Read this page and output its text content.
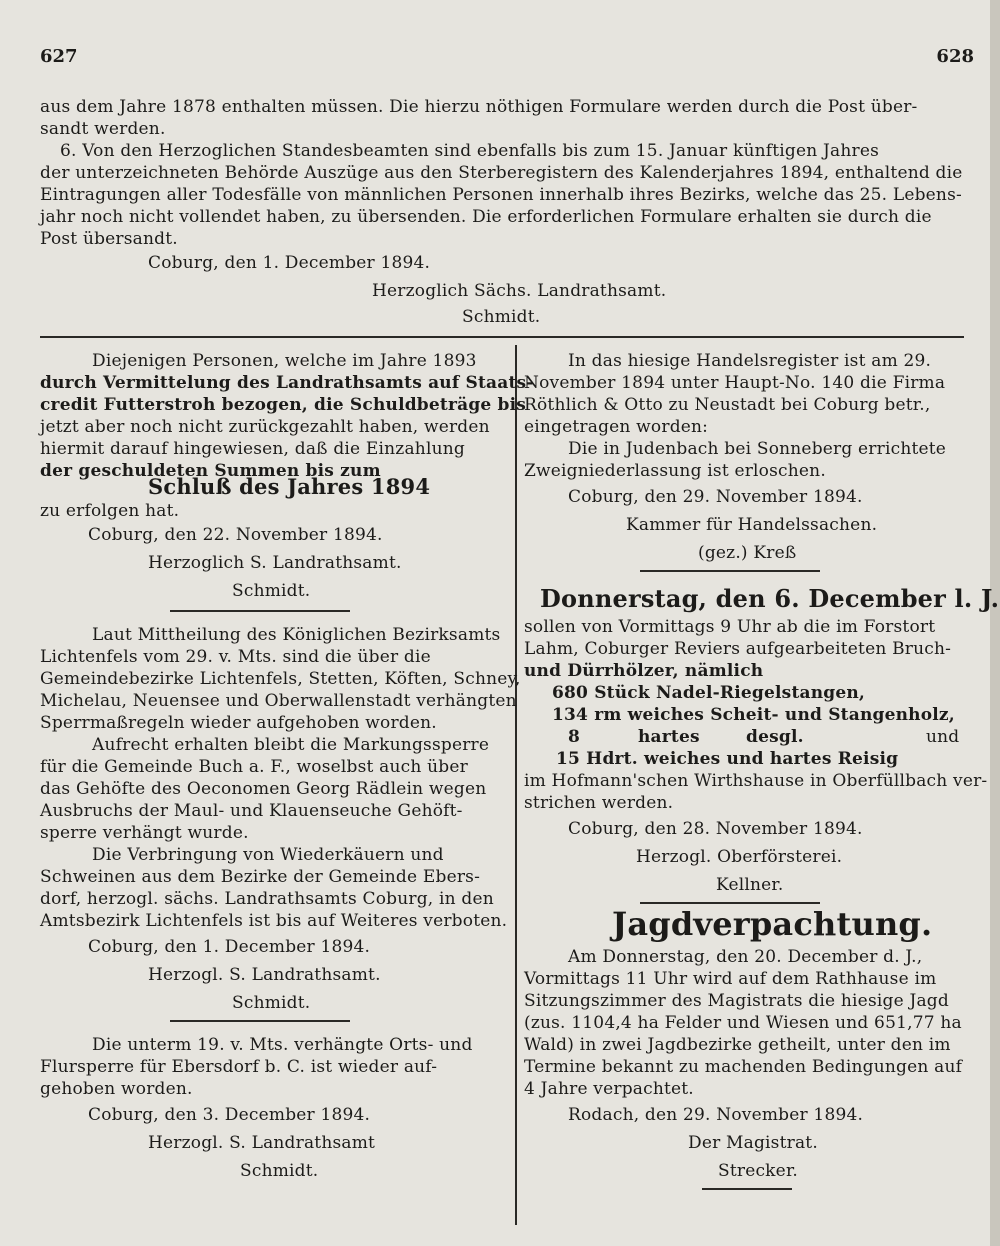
627	628
aus dem Jahre 1878 enthalten müssen. Die hierzu nöthigen Formulare werden durch die Post über-
sandt werden.
6. Von den Herzoglichen Standesbeamten sind ebenfalls bis zum 15. Januar künftigen Jahres
der unterzeichneten Behörde Auszüge aus den Sterberegistern des Kalenderjahres 1894, enthaltend die
Eintragungen aller Todesfälle von männlichen Personen innerhalb ihres Bezirks, welche das 25. Lebens-
jahr noch nicht vollendet haben, zu übersenden. Die erforderlichen Formulare erhalten sie durch die
Post übersandt.
Coburg, den 1. December 1894.
Herzoglich Sächs. Landrathsamt.
Schmidt.
Diejenigen Personen, welche im Jahre 1893
durch Vermittelung des Landrathsamts auf Staats-
credit Futterstroh bezogen, die Schuldbeträge bis
jetzt aber noch nicht zurückgezahlt haben, werden
hiermit darauf hingewiesen, daß die Einzahlung
der geschuldeten Summen bis zum
Schluß des Jahres 1894
zu erfolgen hat.
Coburg, den 22. November 1894.
Herzoglich S. Landrathsamt.
Schmidt.
Laut Mittheilung des Königlichen Bezirksamts
Lichtenfels vom 29. v. Mts. sind die über die
Gemeindebezirke Lichtenfels, Stetten, Köften, Schney,
Michelau, Neuensee und Oberwallenstadt verhängten
Sperrmaßregeln wieder aufgehoben worden.
Aufrecht erhalten bleibt die Markungssperre
für die Gemeinde Buch a. F., woselbst auch über
das Gehöfte des Oeconomen Georg Rädlein wegen
Ausbruchs der Maul- und Klauenseuche Gehöft-
sperre verhängt wurde.
Die Verbringung von Wiederkäuern und
Schweinen aus dem Bezirke der Gemeinde Ebers-
dorf, herzogl. sächs. Landrathsamts Coburg, in den
Amtsbezirk Lichtenfels ist bis auf Weiteres verboten.
Coburg, den 1. December 1894.
Herzogl. S. Landrathsamt.
Schmidt.
Die unterm 19. v. Mts. verhängte Orts- und
Flursperre für Ebersdorf b. C. ist wieder auf-
gehoben worden.
Coburg, den 3. December 1894.
Herzogl. S. Landrathsamt
Schmidt.
In das hiesige Handelsregister ist am 29.
November 1894 unter Haupt-No. 140 die Firma
Röthlich & Otto zu Neustadt bei Coburg betr.,
eingetragen worden:
Die in Judenbach bei Sonneberg errichtete
Zweigniederlassung ist erloschen.
Coburg, den 29. November 1894.
Kammer für Handelssachen.
(gez.) Kreß
Donnerstag, den 6. December l. J.
sollen von Vormittags 9 Uhr ab die im Forstort
Lahm, Coburger Reviers aufgearbeiteten Bruch-
und Dürrhölzer, nämlich
680 Stück Nadel-Riegelstangen,
134 rm weiches Scheit- und Stangenholz,
8	hartes	desgl.	und
15 Hdrt. weiches und hartes Reisig
im Hofmann'schen Wirthshause in Oberfüllbach ver-
strichen werden.
Coburg, den 28. November 1894.
Herzogl. Oberförsterei.
Kellner.
Jagdverpachtung.
Am Donnerstag, den 20. December d. J.,
Vormittags 11 Uhr wird auf dem Rathhause im
Sitzungszimmer des Magistrats die hiesige Jagd
(zus. 1104,4 ha Felder und Wiesen und 651,77 ha
Wald) in zwei Jagdbezirke getheilt, unter den im
Termine bekannt zu machenden Bedingungen auf
4 Jahre verpachtet.
Rodach, den 29. November 1894.
Der Magistrat.
Strecker.
